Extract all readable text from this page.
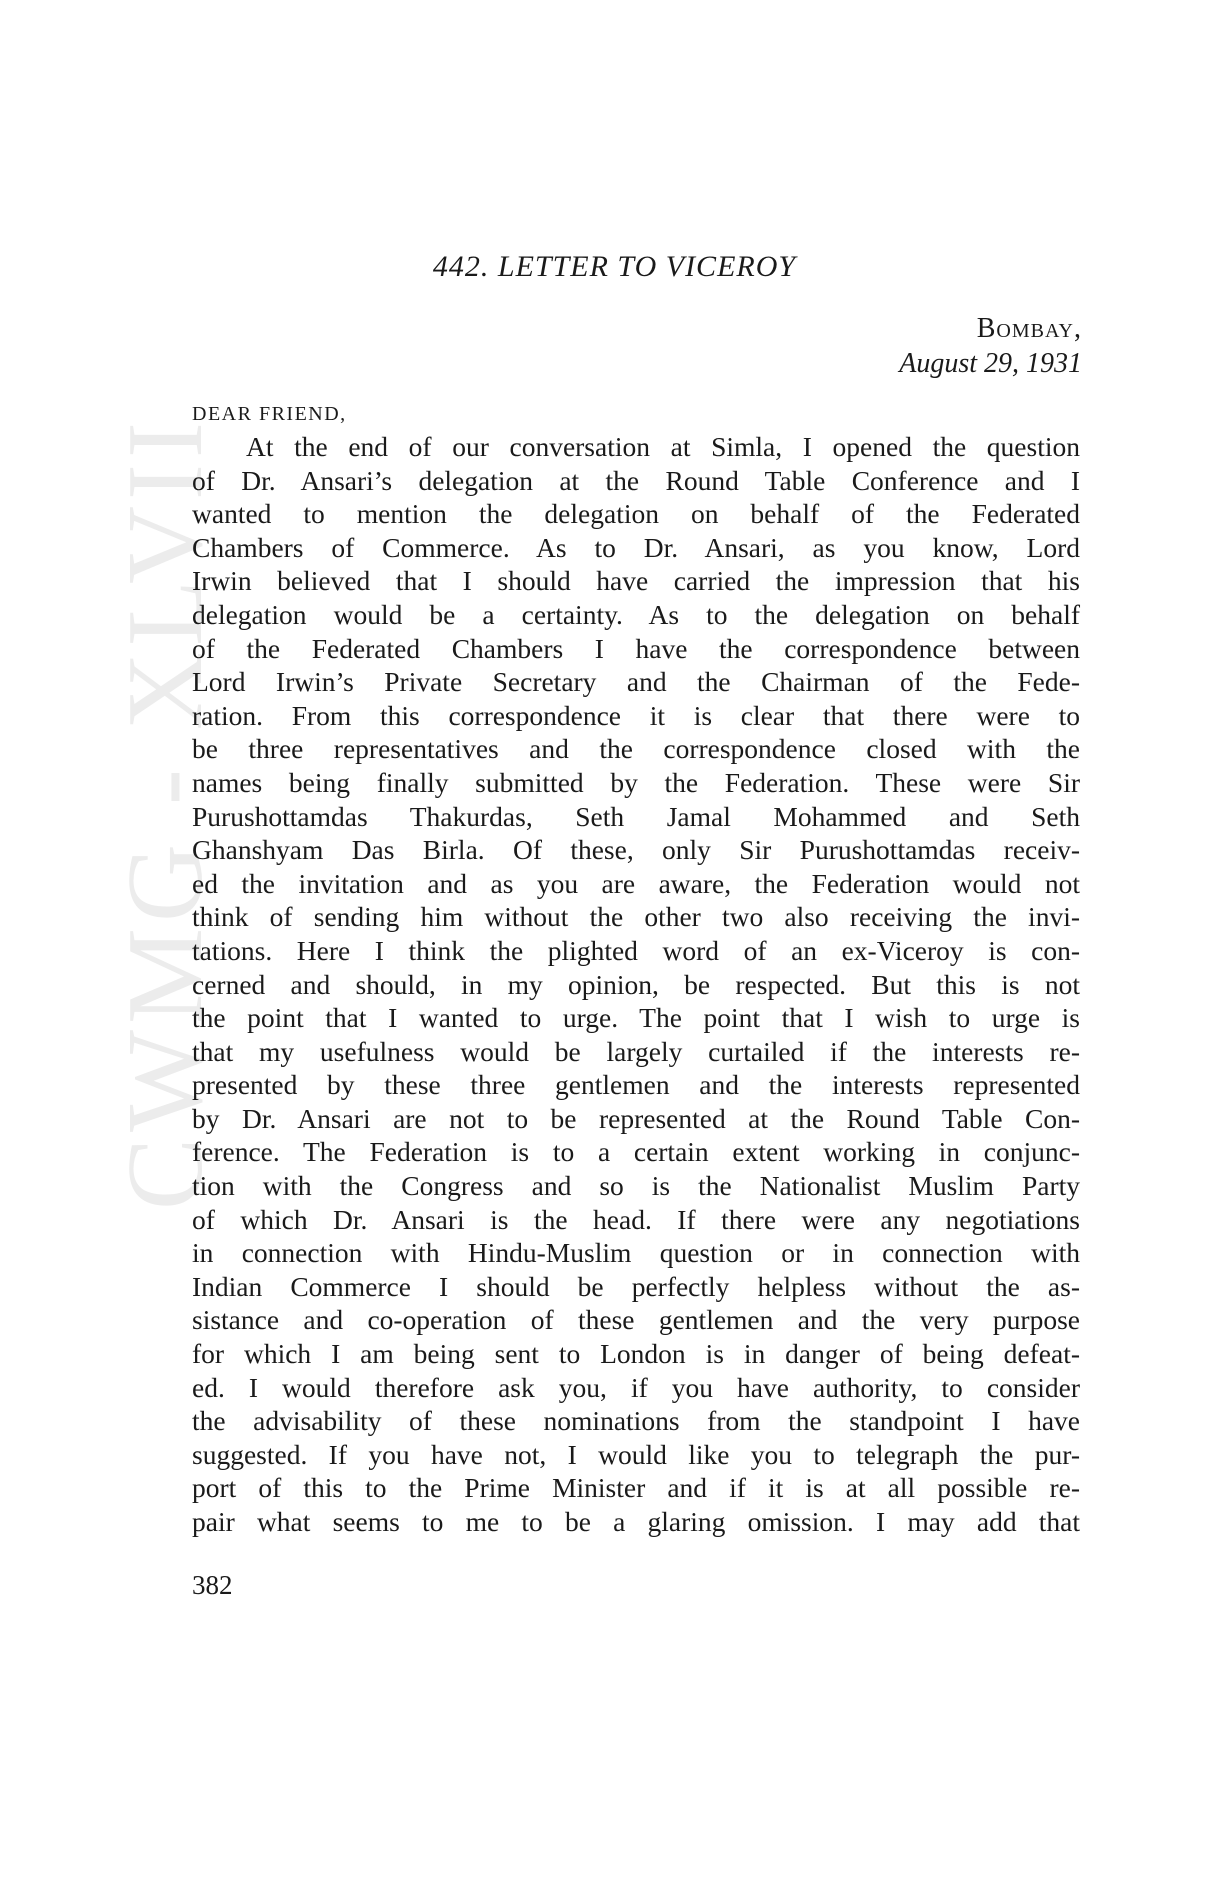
CWMG - XLVII
442. LETTER TO VICEROY
Bombay,
August 29, 1931
DEAR FRIEND,
At the end of our conversation at Simla, I opened the question
of Dr. Ansari’s delegation at the Round Table Conference and I
wanted to mention the delegation on behalf of the Federated
Chambers of Commerce. As to Dr. Ansari, as you know, Lord
Irwin believed that I should have carried the impression that his
delegation would be a certainty. As to the delegation on behalf
of the Federated Chambers I have the correspondence between
Lord Irwin’s Private Secretary and the Chairman of the Fede-
ration. From this correspondence it is clear that there were to
be three representatives and the correspondence closed with the
names being finally submitted by the Federation. These were Sir
Purushottamdas Thakurdas, Seth Jamal Mohammed and Seth
Ghanshyam Das Birla. Of these, only Sir Purushottamdas receiv-
ed the invitation and as you are aware, the Federation would not
think of sending him without the other two also receiving the invi-
tations. Here I think the plighted word of an ex-Viceroy is con-
cerned and should, in my opinion, be respected. But this is not
the point that I wanted to urge. The point that I wish to urge is
that my usefulness would be largely curtailed if the interests re-
presented by these three gentlemen and the interests represented
by Dr. Ansari are not to be represented at the Round Table Con-
ference. The Federation is to a certain extent working in conjunc-
tion with the Congress and so is the Nationalist Muslim Party
of which Dr. Ansari is the head. If there were any negotiations
in connection with Hindu-Muslim question or in connection with
Indian Commerce I should be perfectly helpless without the as-
sistance and co-operation of these gentlemen and the very purpose
for which I am being sent to London is in danger of being defeat-
ed. I would therefore ask you, if you have authority, to consider
the advisability of these nominations from the standpoint I have
suggested. If you have not, I would like you to telegraph the pur-
port of this to the Prime Minister and if it is at all possible re-
pair what seems to me to be a glaring omission. I may add that
382
